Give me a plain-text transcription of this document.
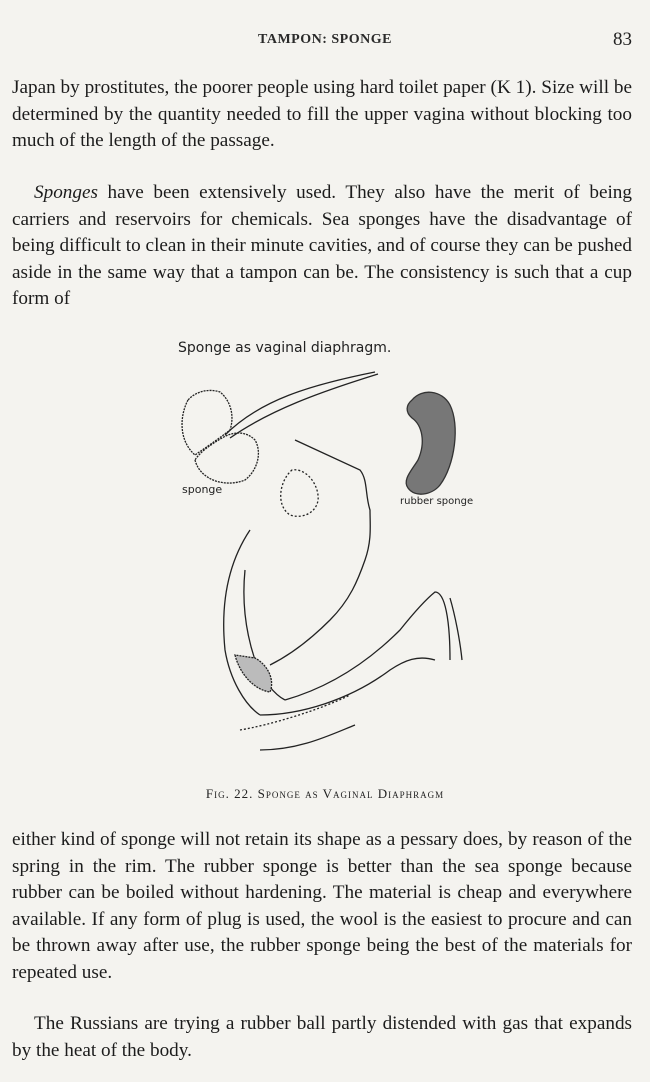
TAMPON: SPONGE	83
Japan by prostitutes, the poorer people using hard toilet paper (K 1). Size will be determined by the quantity needed to fill the upper vagina without blocking too much of the length of the passage.
Sponges have been extensively used. They also have the merit of being carriers and reservoirs for chemicals. Sea sponges have the disadvantage of being difficult to clean in their minute cavities, and of course they can be pushed aside in the same way that a tampon can be. The consistency is such that a cup form of
Sponge as vaginal diaphragm.
sponge
rubber sponge
Fig. 22. Sponge as Vaginal Diaphragm
either kind of sponge will not retain its shape as a pessary does, by reason of the spring in the rim. The rubber sponge is better than the sea sponge because rubber can be boiled without hardening. The material is cheap and everywhere available. If any form of plug is used, the wool is the easiest to procure and can be thrown away after use, the rubber sponge being the best of the materials for repeated use.
The Russians are trying a rubber ball partly distended with gas that expands by the heat of the body.
